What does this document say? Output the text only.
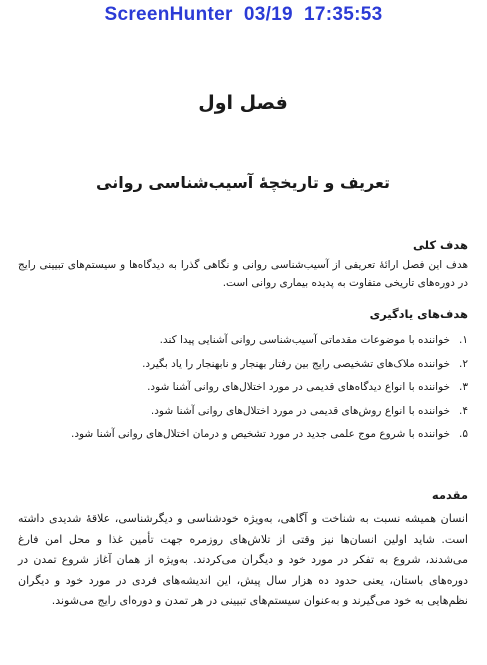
ScreenHunter  03/19  17:35:53
فصل اول
تعریف و تاریخچهٔ آسیب‌شناسی روانی
هدف کلی
هدف این فصل ارائهٔ تعریفی از آسیب‌شناسی روانی و نگاهی گذرا به دیدگاه‌ها و سیستم‌های تبیینی رایج در دوره‌های تاریخی متفاوت به پدیده بیماری روانی است.
هدف‌های یادگیری
۱.
خواننده با موضوعات مقدماتی آسیب‌شناسی روانی آشنایی پیدا کند.
۲.
خواننده ملاک‌های تشخیصی رایج بین رفتار بهنجار و نابهنجار را یاد بگیرد.
۳.
خواننده با انواع دیدگاه‌های قدیمی در مورد اختلال‌های روانی آشنا شود.
۴.
خواننده با انواع روش‌های قدیمی در مورد اختلال‌های روانی آشنا شود.
۵.
خواننده با شروع موج علمی جدید در مورد تشخیص و درمان اختلال‌های روانی آشنا شود.
مقدمه
انسان همیشه نسبت به شناخت و آگاهی، به‌ویژه خودشناسی و دیگرشناسی، علاقهٔ شدیدی داشته است. شاید اولین انسان‌ها نیز وقتی از تلاش‌های روزمره جهت تأمین غذا و محل امن فارغ می‌شدند، شروع به تفکر در مورد خود و دیگران می‌کردند. به‌ویژه از همان آغاز شروع تمدن در دوره‌های باستان، یعنی حدود ده هزار سال پیش، این اندیشه‌های فردی در مورد خود و دیگران نظم‌هایی به خود می‌گیرند و به‌عنوان سیستم‌های تبیینی در هر تمدن و دوره‌ای رایج می‌شوند.
